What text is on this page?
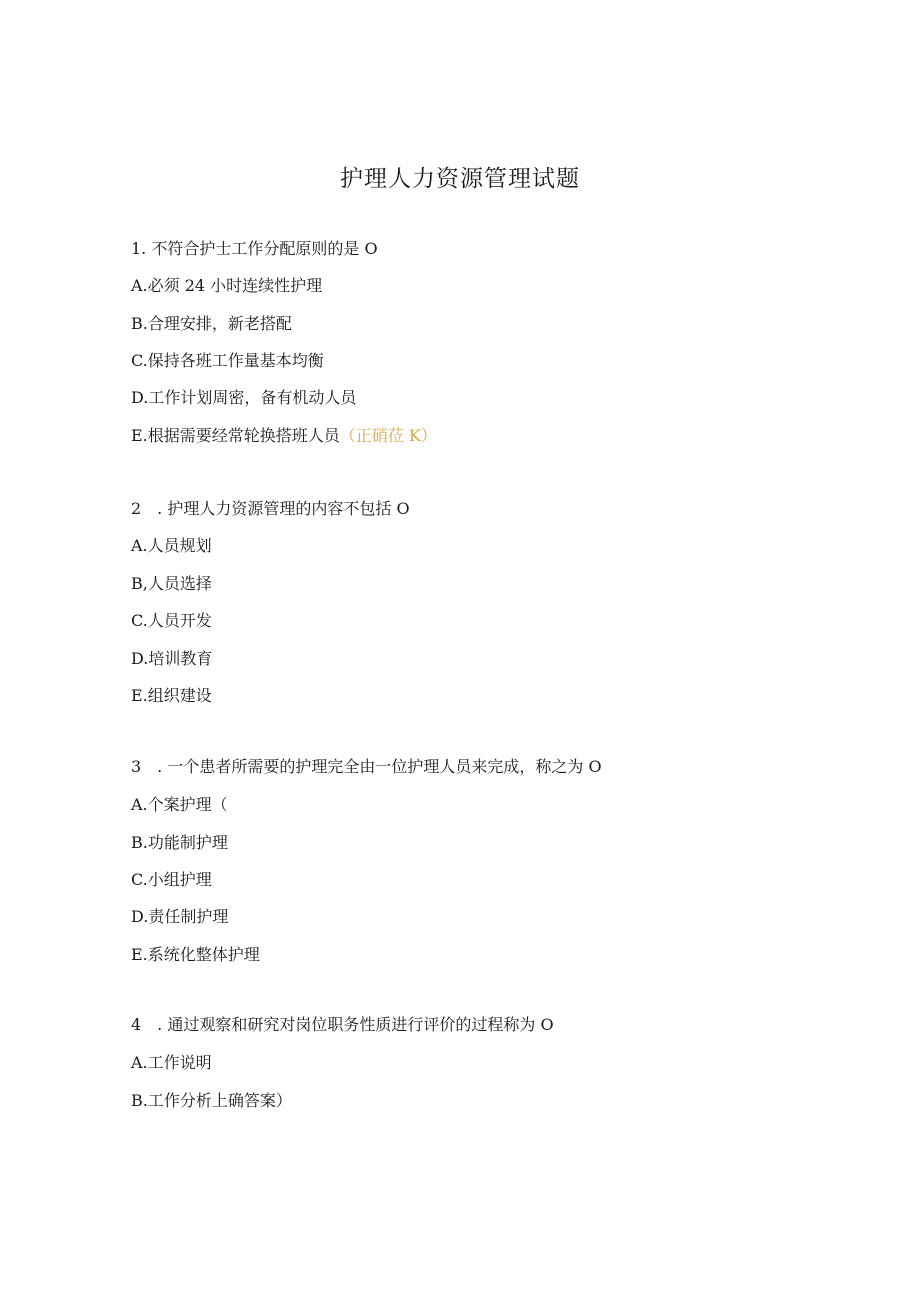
护理人力资源管理试题
1. 不符合护士工作分配原则的是 O
A.必须 24 小时连续性护理
B.合理安排，新老搭配
C.保持各班工作量基本均衡
D.工作计划周密，备有机动人员
E.根据需要经常轮换搭班人员（正硝莅 K）
2　. 护理人力资源管理的内容不包括 O
A.人员规划
B,人员选择
C.人员开发
D.培训教育
E.组织建设
3　. 一个患者所需要的护理完全由一位护理人员来完成，称之为 O
A.个案护理（
B.功能制护理
C.小组护理
D.责任制护理
E.系统化整体护理
4　. 通过观察和研究对岗位职务性质进行评价的过程称为 O
A.工作说明
B.工作分析上确答案）
